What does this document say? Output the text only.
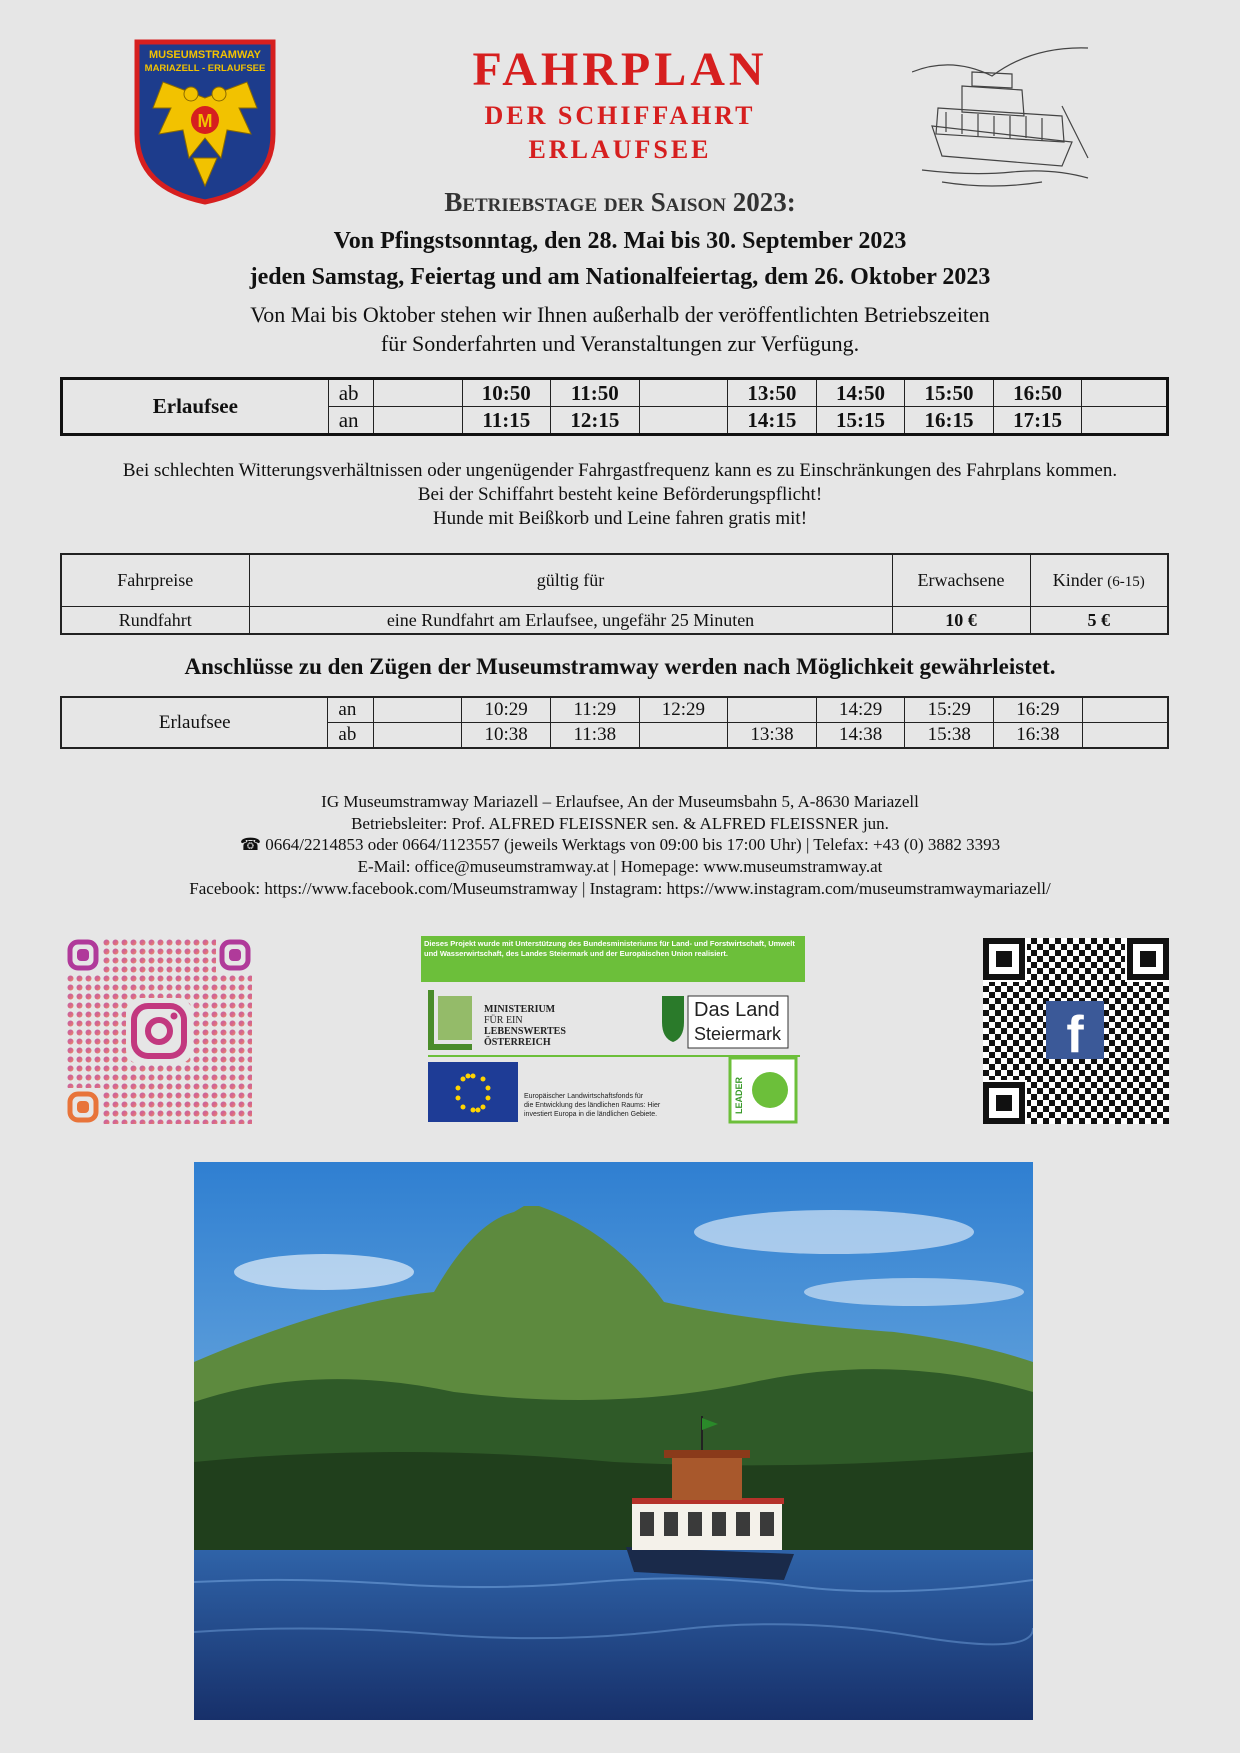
MUSEUMSTRAMWAY
MARIAZELL - ERLAUFSEE
M
FAHRPLAN
DER SCHIFFAHRT
ERLAUFSEE
Betriebstage der Saison 2023:
Von Pfingstsonntag, den 28. Mai bis 30. September 2023
jeden Samstag, Feiertag und am Nationalfeiertag, dem 26. Oktober 2023
Von Mai bis Oktober stehen wir Ihnen außerhalb der veröffentlichten Betriebszeiten
für Sonderfahrten und Veranstaltungen zur Verfügung.
Erlaufsee	ab		10:50	11:50		13:50	14:50	15:50	16:50	
	an		11:15	12:15		14:15	15:15	16:15	17:15	
Bei schlechten Witterungsverhältnissen oder ungenügender Fahrgastfrequenz kann es zu Einschränkungen des Fahrplans kommen.
Bei der Schiffahrt besteht keine Beförderungspflicht!
Hunde mit Beißkorb und Leine fahren gratis mit!
Fahrpreise	gültig für	Erwachsene	Kinder (6-15)
Rundfahrt	eine Rundfahrt am Erlaufsee, ungefähr 25 Minuten	10 €	5 €
Anschlüsse zu den Zügen der Museumstramway werden nach Möglichkeit gewährleistet.
Erlaufsee	an		10:29	11:29	12:29		14:29	15:29	16:29	
	ab		10:38	11:38		13:38	14:38	15:38	16:38	
IG Museumstramway Mariazell – Erlaufsee, An der Museumsbahn 5, A-8630 Mariazell
Betriebsleiter: Prof. ALFRED FLEISSNER sen. & ALFRED FLEISSNER jun.
☎ 0664/2214853 oder 0664/1123557 (jeweils Werktags von 09:00 bis 17:00 Uhr) | Telefax: +43 (0) 3882 3393
E-Mail: office@museumstramway.at | Homepage: www.museumstramway.at
Facebook: https://www.facebook.com/Museumstramway | Instagram: https://www.instagram.com/museumstramwaymariazell/
Dieses Projekt wurde mit Unterstützung des Bundesministeriums für Land- und Forstwirtschaft, Umwelt und Wasserwirtschaft, des Landes Steiermark und der Europäischen Union realisiert.
MINISTERIUM
FÜR EIN
LEBENSWERTES
ÖSTERREICH
Das Land
Steiermark
Europäischer Landwirtschaftsfonds für
die Entwicklung des ländlichen Raums: Hier
investiert Europa in die ländlichen Gebiete.
LEADER
f
